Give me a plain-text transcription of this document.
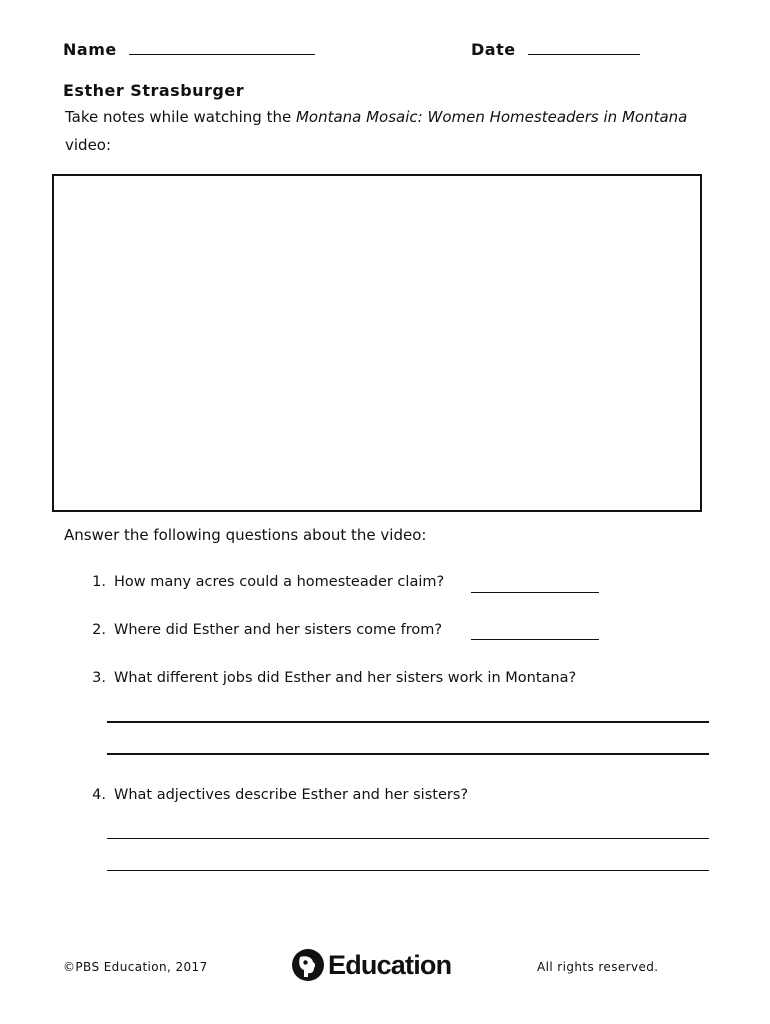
Name	Date
Esther Strasburger
Take notes while watching the Montana Mosaic: Women Homesteaders in Montana
video:
Answer the following questions about the video:
1. How many acres could a homesteader claim?
2. Where did Esther and her sisters come from?
3. What different jobs did Esther and her sisters work in Montana?
4. What adjectives describe Esther and her sisters?
©PBS Education, 2017	Education	All rights reserved.
